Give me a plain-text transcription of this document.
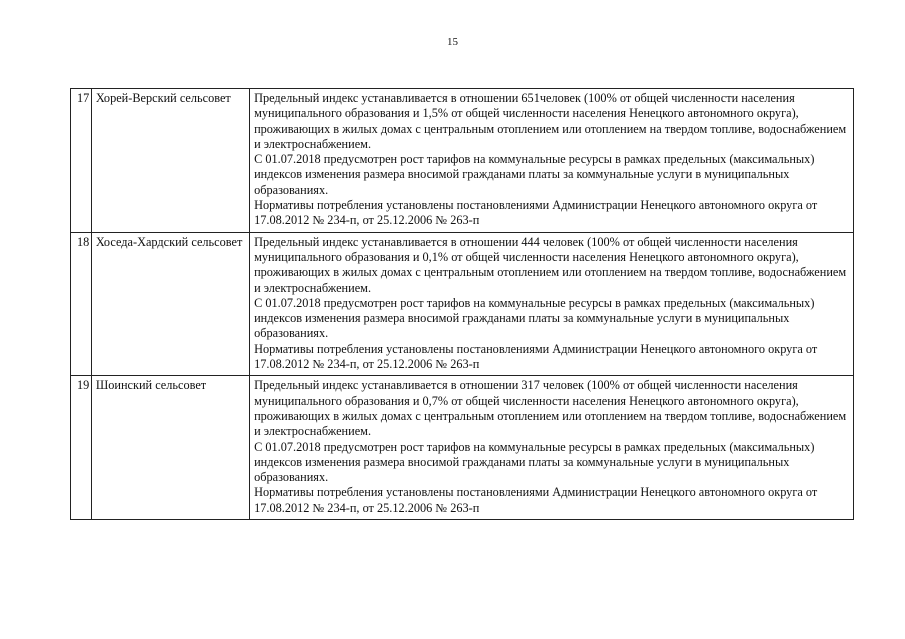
15
17	Хорей-Верский сельсовет	Предельный индекс устанавливается в отношении 651человек (100% от общей численности населения муниципального образования и 1,5% от общей численности населения Ненецкого автономного округа), проживающих в жилых домах с центральным отоплением или отоплением на твердом топливе, водоснабжением и электроснабжением.

С 01.07.2018 предусмотрен рост тарифов на коммунальные ресурсы в рамках предельных (максимальных) индексов изменения размера вносимой гражданами платы за коммунальные услуги в муниципальных образованиях.

Нормативы потребления установлены постановлениями Администрации Ненецкого автономного округа от 17.08.2012 № 234-п, от 25.12.2006 № 263-п

18	Хоседа-Хардский сельсовет	Предельный индекс устанавливается в отношении 444 человек (100% от общей численности населения муниципального образования и 0,1% от общей численности населения Ненецкого автономного округа), проживающих в жилых домах с центральным отоплением или отоплением на твердом топливе, водоснабжением и электроснабжением.

С 01.07.2018 предусмотрен рост тарифов на коммунальные ресурсы в рамках предельных (максимальных) индексов изменения размера вносимой гражданами платы за коммунальные услуги в муниципальных образованиях.

Нормативы потребления установлены постановлениями Администрации Ненецкого автономного округа от 17.08.2012 № 234-п, от 25.12.2006 № 263-п

19	Шоинский сельсовет	Предельный индекс устанавливается в отношении 317 человек (100% от общей численности населения муниципального образования и 0,7% от общей численности населения Ненецкого автономного округа), проживающих в жилых домах с центральным отоплением или отоплением на твердом топливе, водоснабжением и электроснабжением.

С 01.07.2018 предусмотрен рост тарифов на коммунальные ресурсы в рамках предельных (максимальных) индексов изменения размера вносимой гражданами платы за коммунальные услуги в муниципальных образованиях.

Нормативы потребления установлены постановлениями Администрации Ненецкого автономного округа от 17.08.2012 № 234-п, от 25.12.2006 № 263-п
